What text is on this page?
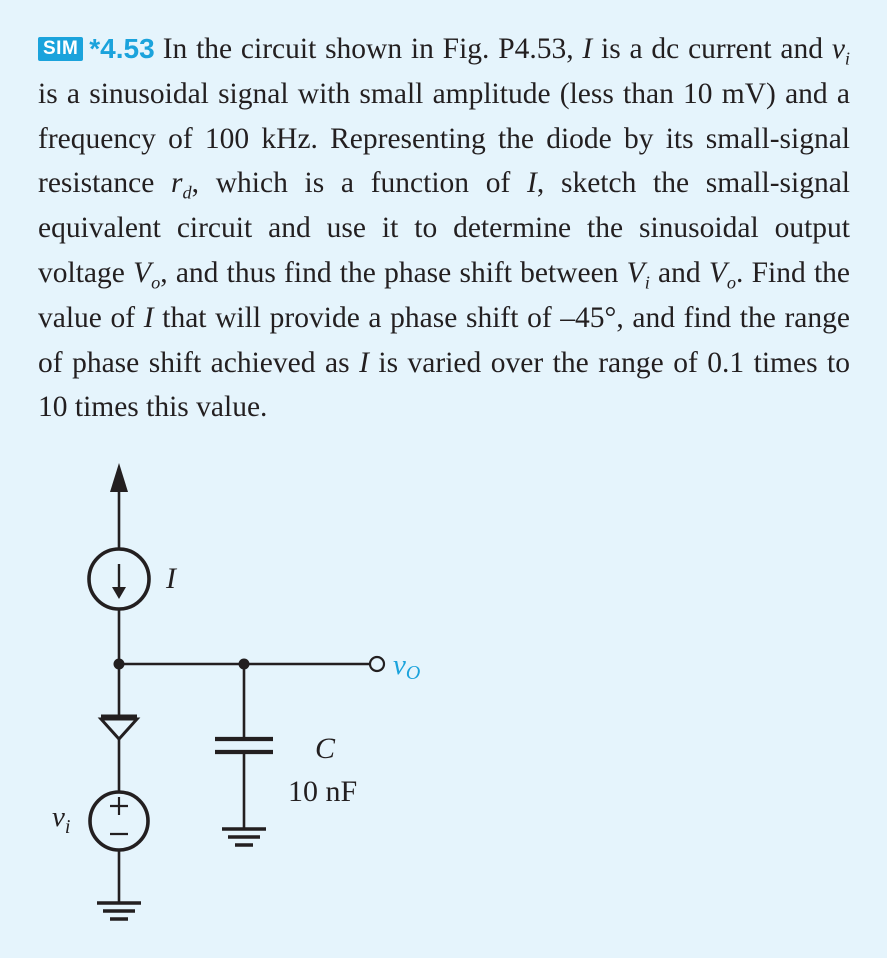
SIM *4.53 In the circuit shown in Fig. P4.53, I is a dc current and $v_i$ is a sinusoidal signal with small amplitude (less than 10 mV) and a frequency of 100 kHz. Representing the diode by its small-signal resistance $r_d$, which is a function of I, sketch the small-signal equivalent circuit and use it to determine the sinusoidal output voltage $V_o$, and thus find the phase shift between $V_i$ and $V_o$. Find the value of I that will provide a phase shift of –45°, and find the range of phase shift achieved as I is varied over the range of 0.1 times to 10 times this value.
I
vO
$v_i$
C
10 nF
